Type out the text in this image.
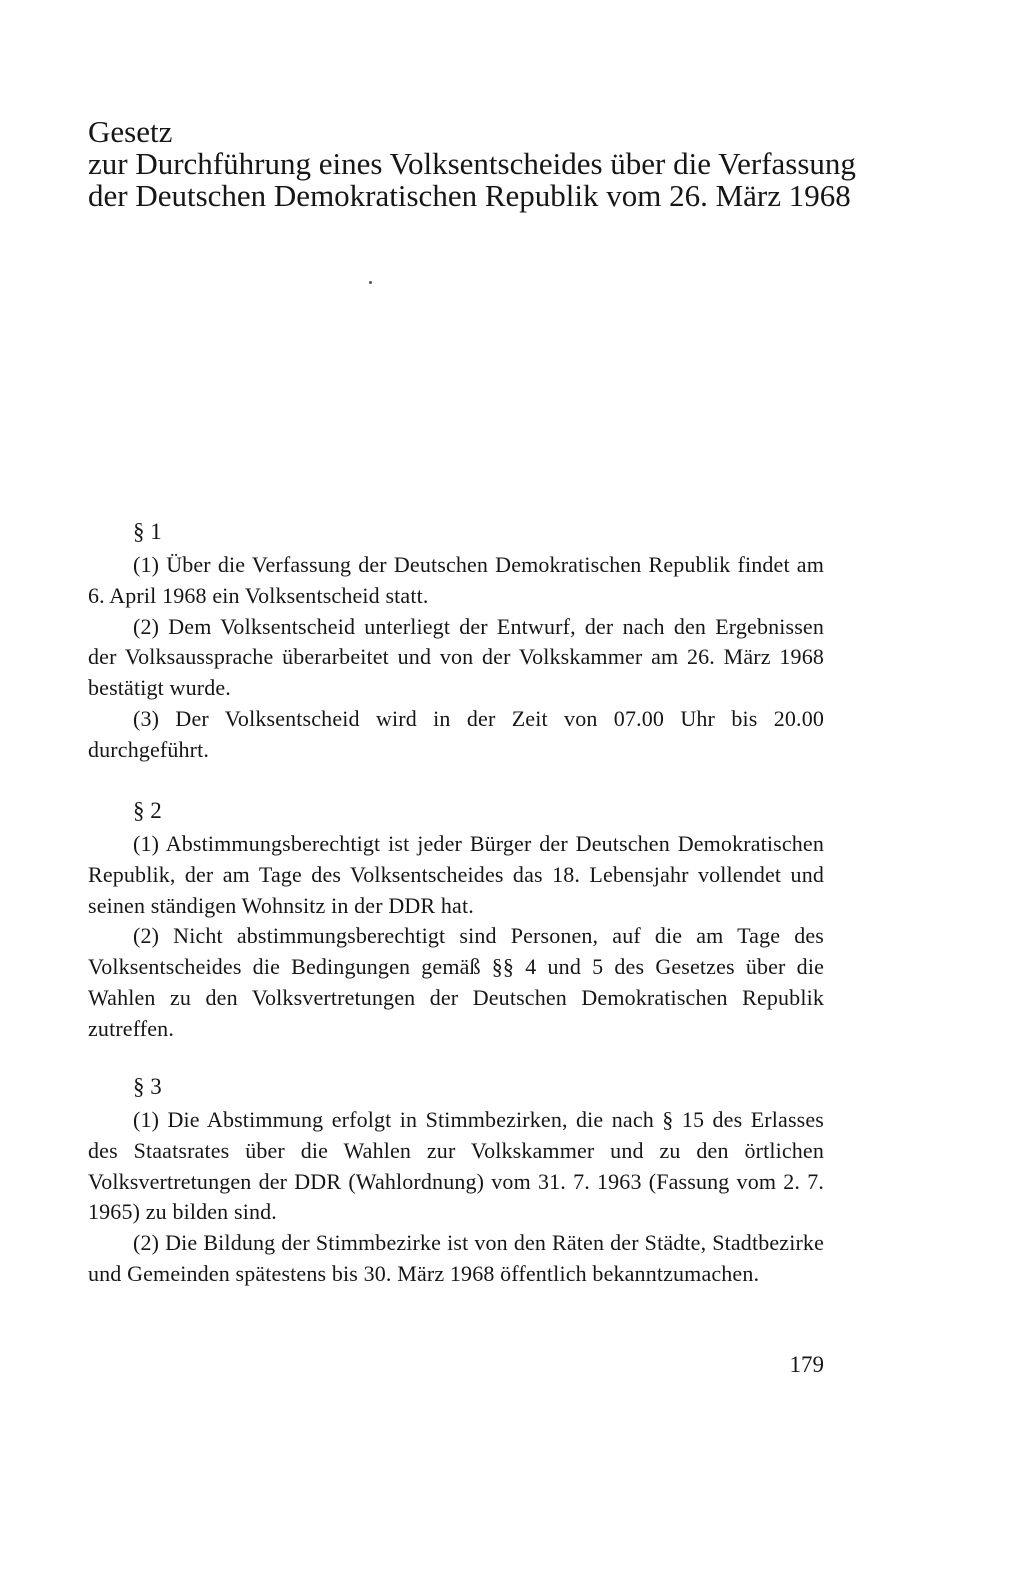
Gesetz
zur Durchführung eines Volksentscheides über die Verfassung
der Deutschen Demokratischen Republik vom 26. März 1968
§ 1

(1) Über die Verfassung der Deutschen Demokratischen Republik findet am 6. April 1968 ein Volksentscheid statt.

(2) Dem Volksentscheid unterliegt der Entwurf, der nach den Ergebnissen der Volksaussprache überarbeitet und von der Volkskammer am 26. März 1968 bestätigt wurde.

(3) Der Volksentscheid wird in der Zeit von 07.00 Uhr bis 20.00 durchgeführt.

§ 2

(1) Abstimmungsberechtigt ist jeder Bürger der Deutschen Demokratischen Republik, der am Tage des Volksentscheides das 18. Lebensjahr vollendet und seinen ständigen Wohnsitz in der DDR hat.

(2) Nicht abstimmungsberechtigt sind Personen, auf die am Tage des Volksentscheides die Bedingungen gemäß §§ 4 und 5 des Gesetzes über die Wahlen zu den Volksvertretungen der Deutschen Demokratischen Republik zutreffen.

§ 3

(1) Die Abstimmung erfolgt in Stimmbezirken, die nach § 15 des Erlasses des Staatsrates über die Wahlen zur Volkskammer und zu den örtlichen Volksvertretungen der DDR (Wahlordnung) vom 31. 7. 1963 (Fassung vom 2. 7. 1965) zu bilden sind.

(2) Die Bildung der Stimmbezirke ist von den Räten der Städte, Stadtbezirke und Gemeinden spätestens bis 30. März 1968 öffentlich bekanntzumachen.

179
